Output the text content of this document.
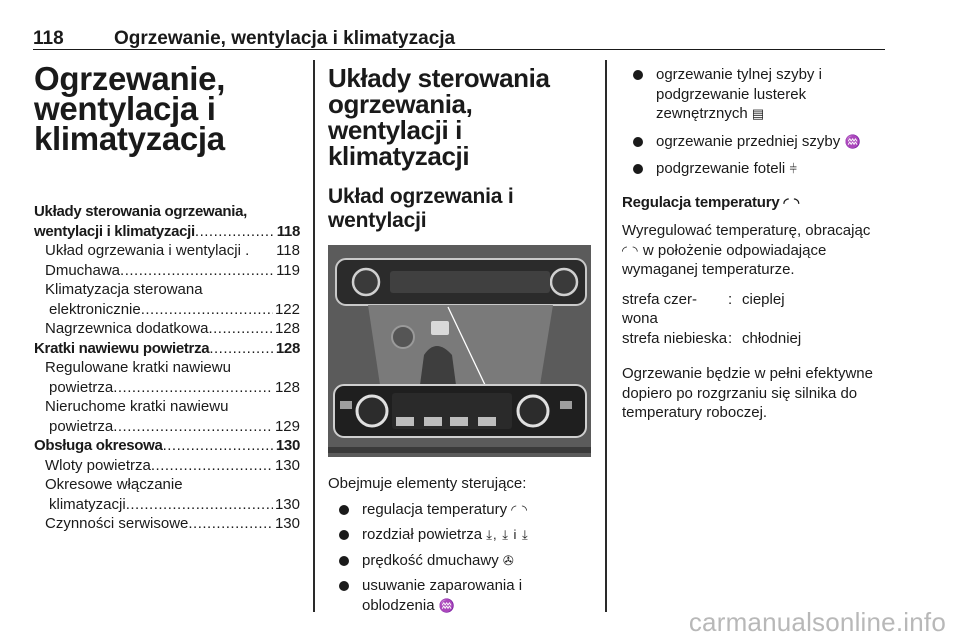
118	Ogrzewanie, wentylacja i klimatyzacja
Ogrzewanie,
wentylacja i
klimatyzacja
Układy sterowania ogrzewania,
wentylacji i klimatyzacji .....	118
Układ ogrzewania i wentylacji . 118
Dmuchawa .....	119
Klimatyzacja sterowana
elektronicznie .....	122
Nagrzewnica dodatkowa .....	128
Kratki nawiewu powietrza .....	128
Regulowane kratki nawiewu
powietrza .....	128
Nieruchome kratki nawiewu
powietrza .....	129
Obsługa okresowa .....	130
Wloty powietrza .....	130
Okresowe włączanie
klimatyzacji .....	130
Czynności serwisowe .....	130
Układy sterowania
ogrzewania, wentylacji i
klimatyzacji
Układ ogrzewania i
wentylacji
Obejmuje elementy sterujące:
regulacja temperatury ◜ ◝
rozdział powietrza ⤓, ⤓ i ⤓
prędkość dmuchawy ✇
usuwanie zaparowania i oblodzenia ♒
ogrzewanie tylnej szyby i podgrzewanie lusterek zewnętrznych ▤
ogrzewanie przedniej szyby ♒
podgrzewanie foteli ⫩
Regulacja temperatury ◜ ◝
Wyregulować temperaturę, obracając ◜ ◝ w położenie odpowiadające wymaganej temperaturze.
strefa czer-
wona
: cieplej
strefa niebieska : chłodniej
Ogrzewanie będzie w pełni efektywne dopiero po rozgrzaniu się silnika do temperatury roboczej.
carmanualsonline.info
